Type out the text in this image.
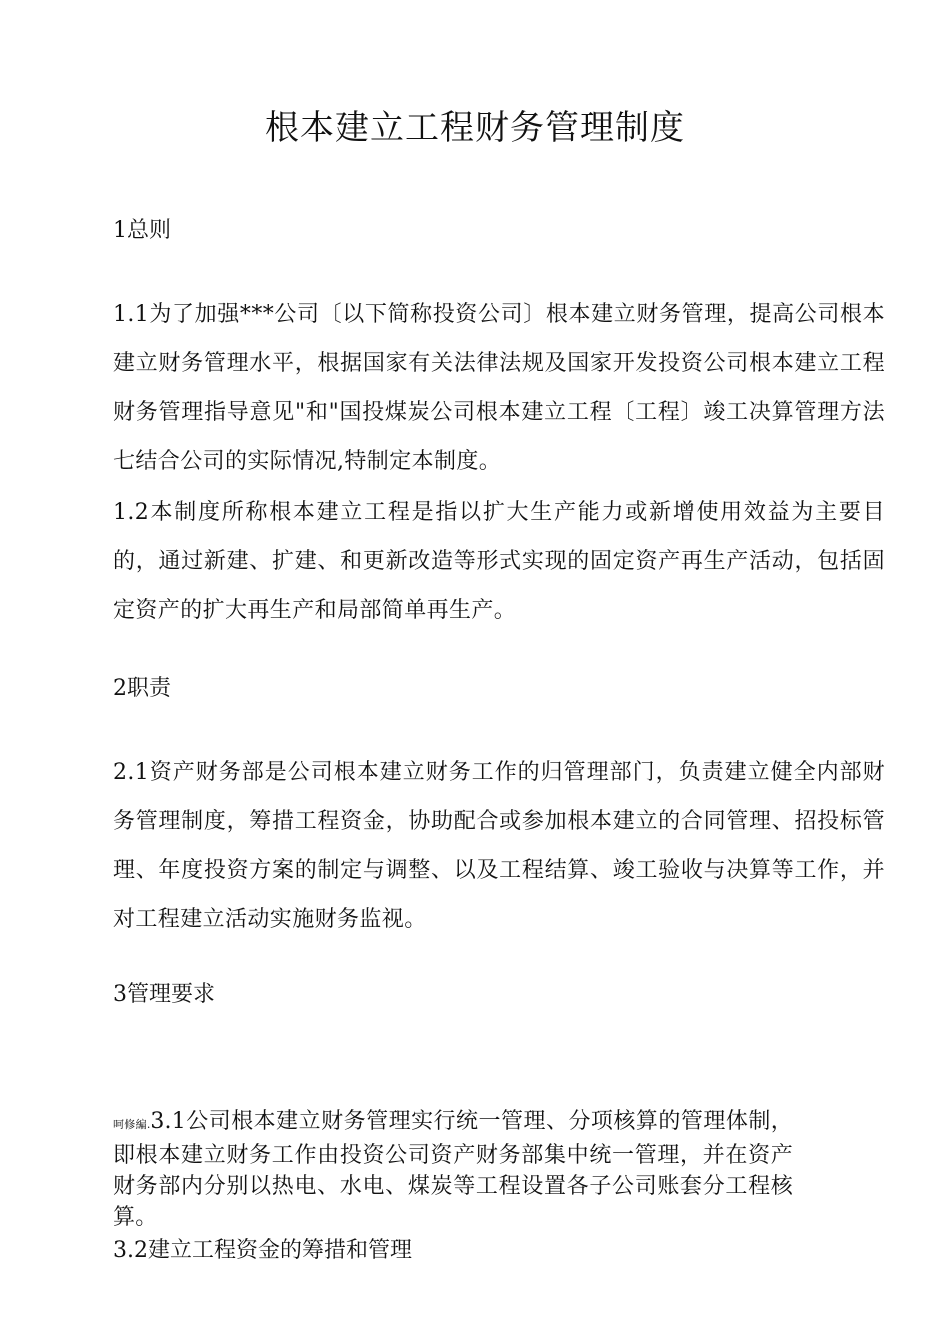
根本建立工程财务管理制度
1总则
1.1为了加强***公司〔以下简称投资公司〕根本建立财务管理，提高公司根本建立财务管理水平，根据国家有关法律法规及国家开发投资公司根本建立工程财务管理指导意见"和"国投煤炭公司根本建立工程〔工程〕竣工决算管理方法七结合公司的实际情况,特制定本制度。
1.2本制度所称根本建立工程是指以扩大生产能力或新增使用效益为主要目的，通过新建、扩建、和更新改造等形式实现的固定资产再生产活动，包括固定资产的扩大再生产和局部简单再生产。
2职责
2.1资产财务部是公司根本建立财务工作的归管理部门，负责建立健全内部财务管理制度，筹措工程资金，协助配合或参加根本建立的合同管理、招投标管理、年度投资方案的制定与调整、以及工程结算、竣工验收与决算等工作，并对工程建立活动实施财务监视。
3管理要求
呵修編.3.1公司根本建立财务管理实行统一管理、分项核算的管理体制，即根本建立财务工作由投资公司资产财务部集中统一管理，并在资产财务部内分别以热电、水电、煤炭等工程设置各子公司账套分工程核算。
3.2建立工程资金的筹措和管理
